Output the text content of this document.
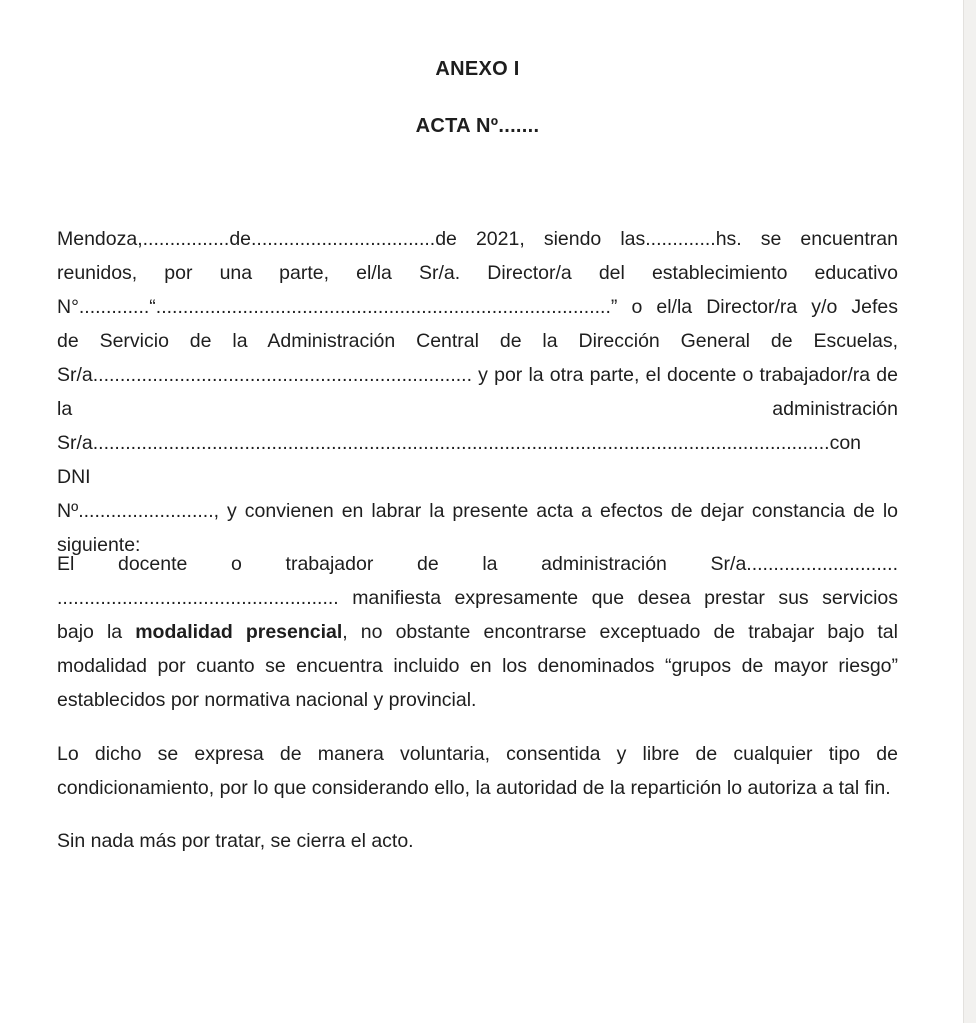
ANEXO I
ACTA Nº.......
Mendoza,................de..................................de 2021, siendo las.............hs. se encuentran
reunidos, por una parte, el/la Sr/a. Director/a del establecimiento educativo
N°.............“....................................................................................” o el/la Director/ra y/o Jefes
de Servicio de la Administración Central de la Dirección General de Escuelas,
Sr/a...................................................................... y por la otra parte, el docente o trabajador/ra de
la administración
Sr/a........................................................................................................................................con DNI
Nº........................., y convienen en labrar la presente acta a efectos de dejar constancia de lo
siguiente:
El docente o trabajador de la administración Sr/a............................
.................................................... manifiesta expresamente que desea prestar sus servicios
bajo la modalidad presencial, no obstante encontrarse exceptuado de trabajar bajo tal
modalidad por cuanto se encuentra incluido en los denominados “grupos de mayor riesgo”
establecidos por normativa nacional y provincial.
Lo dicho se expresa de manera voluntaria, consentida y libre de cualquier tipo de
condicionamiento, por lo que considerando ello, la autoridad de la repartición lo autoriza a tal fin.
Sin nada más por tratar, se cierra el acto.
